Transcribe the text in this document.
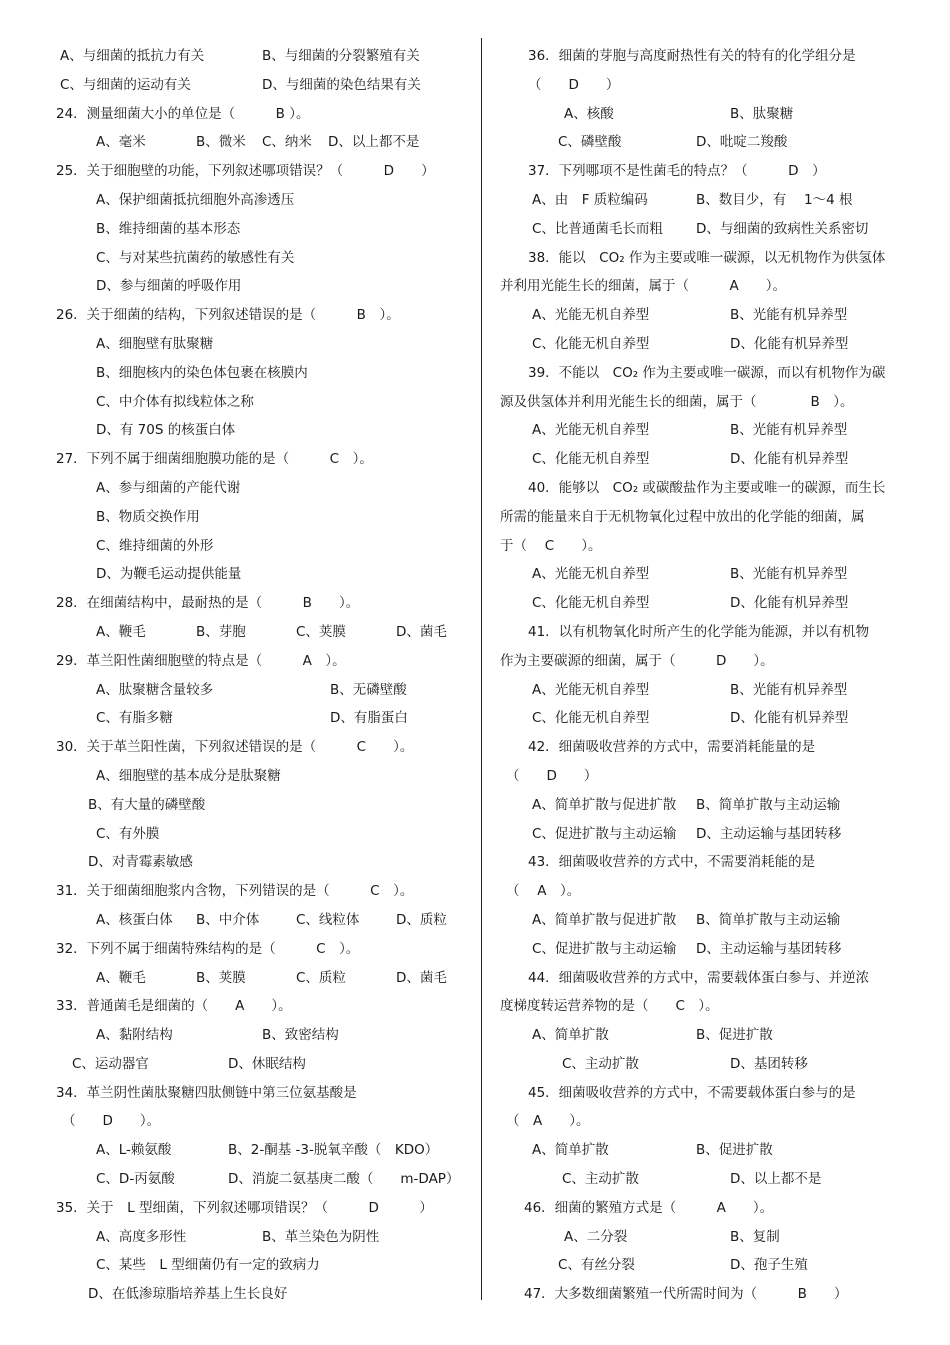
A、与细菌的抵抗力有关	B、与细菌的分裂繁殖有关
C、与细菌的运动有关	D、与细菌的染色结果有关
24．测量细菌大小的单位是（　　　B ）。
A、毫米	B、微米 C、纳米 D、以上都不是
25．关于细胞壁的功能，下列叙述哪项错误？（　　　D　　）
A、保护细菌抵抗细胞外高渗透压
B、维持细菌的基本形态
C、与对某些抗菌药的敏感性有关
D、参与细菌的呼吸作用
26．关于细菌的结构，下列叙述错误的是（　　　B　）。
A、细胞壁有肽聚糖
B、细胞核内的染色体包裹在核膜内
C、中介体有拟线粒体之称
D、有 70S 的核蛋白体
27．下列不属于细菌细胞膜功能的是（　　　C　）。
A、参与细菌的产能代谢
B、物质交换作用
C、维持细菌的外形
D、为鞭毛运动提供能量
28．在细菌结构中，最耐热的是（　　　B　　）。
A、鞭毛	B、芽胞	C、荚膜	D、菌毛
29．革兰阳性菌细胞壁的特点是（　　　A　）。
A、肽聚糖含量较多	B、无磷壁酸
C、有脂多糖	D、有脂蛋白
30．关于革兰阳性菌，下列叙述错误的是（　　　C　　）。
A、细胞壁的基本成分是肽聚糖
B、有大量的磷壁酸
C、有外膜
D、对青霉素敏感
31．关于细菌细胞浆内含物，下列错误的是（　　　C　）。
A、核蛋白体 B、中介体	C、线粒体	D、质粒
32．下列不属于细菌特殊结构的是（　　　C　）。
A、鞭毛	B、荚膜	C、质粒	D、菌毛
33．普通菌毛是细菌的（　　A　　）。
A、黏附结构	B、致密结构
C、运动器官	D、休眠结构
34．革兰阴性菌肽聚糖四肽侧链中第三位氨基酸是
（　　D　　）。
A、L-赖氨酸	B、2-酮基 -3-脱氧辛酸（　KDO）
C、D-丙氨酸	D、消旋二氨基庚二酸（　　m-DAP）
35．关于　L 型细菌，下列叙述哪项错误？（　　　D　　　）
A、高度多形性	B、革兰染色为阴性
C、某些　L 型细菌仍有一定的致病力
D、在低渗琼脂培养基上生长良好
36．细菌的芽胞与高度耐热性有关的特有的化学组分是
（　　D　　）
A、核酸	B、肽聚糖
C、磷壁酸	D、吡啶二羧酸
37．下列哪项不是性菌毛的特点？（　　　D　）
A、由　F 质粒编码	B、数目少，有　 1～4 根
C、比普通菌毛长而粗 D、与细菌的致病性关系密切
38．能以　CO₂ 作为主要或唯一碳源，以无机物作为供氢体
并利用光能生长的细菌，属于（　　　A　　）。
A、光能无机自养型	B、光能有机异养型
C、化能无机自养型	D、化能有机异养型
39．不能以　CO₂ 作为主要或唯一碳源，而以有机物作为碳
源及供氢体并利用光能生长的细菌，属于（　　　　B　）。
A、光能无机自养型	B、光能有机异养型
C、化能无机自养型	D、化能有机异养型
40．能够以　CO₂ 或碳酸盐作为主要或唯一的碳源，而生长
所需的能量来自于无机物氧化过程中放出的化学能的细菌，属
于（　 C　　）。
A、光能无机自养型	B、光能有机异养型
C、化能无机自养型	D、化能有机异养型
41．以有机物氧化时所产生的化学能为能源，并以有机物
作为主要碳源的细菌，属于（　　　D　　）。
A、光能无机自养型	B、光能有机异养型
C、化能无机自养型	D、化能有机异养型
42．细菌吸收营养的方式中，需要消耗能量的是
（　　D　　）
A、简单扩散与促进扩散 B、简单扩散与主动运输
C、促进扩散与主动运输 D、主动运输与基团转移
43．细菌吸收营养的方式中，不需要消耗能的是
（　 A　）。
A、简单扩散与促进扩散 B、简单扩散与主动运输
C、促进扩散与主动运输 D、主动运输与基团转移
44．细菌吸收营养的方式中，需要载体蛋白参与、并逆浓
度梯度转运营养物的是（　　C　）。
A、简单扩散	B、促进扩散
C、主动扩散	D、基团转移
45．细菌吸收营养的方式中，不需要载体蛋白参与的是
（　A　　）。
A、简单扩散	B、促进扩散
C、主动扩散	D、以上都不是
46．细菌的繁殖方式是（　　　A　　）。
A、二分裂	B、复制
C、有丝分裂	D、孢子生殖
47．大多数细菌繁殖一代所需时间为（　　　B　　）
